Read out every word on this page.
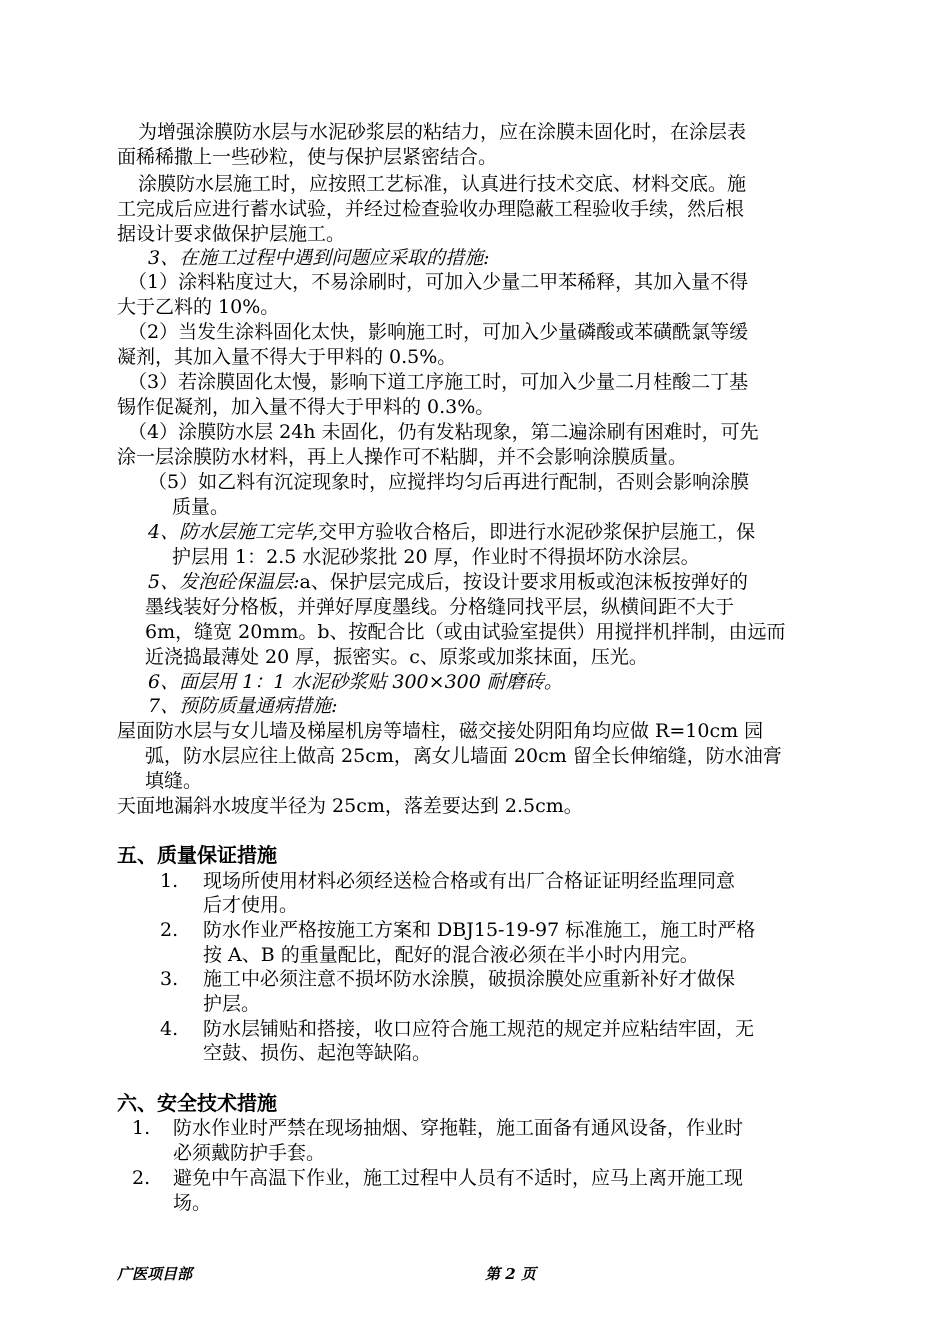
为增强涂膜防水层与水泥砂浆层的粘结力，应在涂膜未固化时，在涂层表
面稀稀撒上一些砂粒，使与保护层紧密结合。
涂膜防水层施工时，应按照工艺标准，认真进行技术交底、材料交底。施
工完成后应进行蓄水试验，并经过检查验收办理隐蔽工程验收手续，然后根
据设计要求做保护层施工。
3、在施工过程中遇到问题应采取的措施:
（1）涂料粘度过大，不易涂刷时，可加入少量二甲苯稀释，其加入量不得
大于乙料的 10%。
（2）当发生涂料固化太快，影响施工时，可加入少量磷酸或苯磺酰氯等缓
凝剂，其加入量不得大于甲料的 0.5%。
（3）若涂膜固化太慢，影响下道工序施工时，可加入少量二月桂酸二丁基
锡作促凝剂，加入量不得大于甲料的 0.3%。
（4）涂膜防水层 24h 未固化，仍有发粘现象，第二遍涂刷有困难时，可先
涂一层涂膜防水材料，再上人操作可不粘脚，并不会影响涂膜质量。
（5）如乙料有沉淀现象时，应搅拌均匀后再进行配制，否则会影响涂膜
质量。
4、防水层施工完毕,交甲方验收合格后，即进行水泥砂浆保护层施工，保
护层用 1：2.5 水泥砂浆批 20 厚，作业时不得损坏防水涂层。
5、发泡砼保温层:a、保护层完成后，按设计要求用板或泡沫板按弹好的
墨线装好分格板，并弹好厚度墨线。分格缝同找平层，纵横间距不大于
6m，缝宽 20mm。b、按配合比（或由试验室提供）用搅拌机拌制，由远而
近浇捣最薄处 20 厚，振密实。c、原浆或加浆抹面，压光。
6、面层用 1：1 水泥砂浆贴 300×300 耐磨砖。
7、预防质量通病措施:
屋面防水层与女儿墙及梯屋机房等墙柱，磁交接处阴阳角均应做 R=10cm 园
弧，防水层应往上做高 25cm，离女儿墙面 20cm 留全长伸缩缝，防水油膏
填缝。
天面地漏斜水坡度半径为 25cm，落差要达到 2.5cm。
五、质量保证措施
1. 现场所使用材料必须经送检合格或有出厂合格证证明经监理同意
后才使用。
2. 防水作业严格按施工方案和 DBJ15-19-97 标准施工，施工时严格
按 A、B 的重量配比，配好的混合液必须在半小时内用完。
3. 施工中必须注意不损坏防水涂膜，破损涂膜处应重新补好才做保
护层。
4. 防水层铺贴和搭接，收口应符合施工规范的规定并应粘结牢固，无
空鼓、损伤、起泡等缺陷。
六、安全技术措施
1. 防水作业时严禁在现场抽烟、穿拖鞋，施工面备有通风设备，作业时
必须戴防护手套。
2. 避免中午高温下作业，施工过程中人员有不适时，应马上离开施工现
场。
广医项目部	第 2 页
